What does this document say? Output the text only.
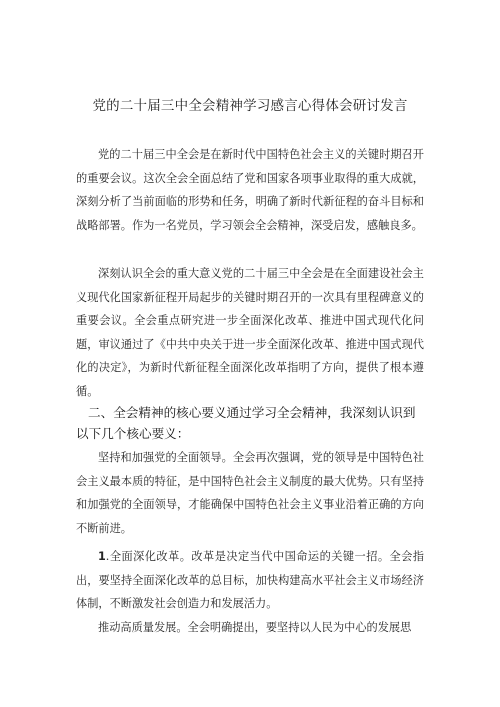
党的二十届三中全会精神学习感言心得体会研讨发言

党的二十届三中全会是在新时代中国特色社会主义的关键时期召开的重要会议。这次全会全面总结了党和国家各项事业取得的重大成就，深刻分析了当前面临的形势和任务，明确了新时代新征程的奋斗目标和战略部署。作为一名党员，学习领会全会精神，深受启发，感触良多。

深刻认识全会的重大意义党的二十届三中全会是在全面建设社会主义现代化国家新征程开局起步的关键时期召开的一次具有里程碑意义的重要会议。全会重点研究进一步全面深化改革、推进中国式现代化问题，审议通过了《中共中央关于进一步全面深化改革、推进中国式现代化的决定》，为新时代新征程全面深化改革指明了方向，提供了根本遵循。

二、全会精神的核心要义通过学习全会精神，我深刻认识到以下几个核心要义：

坚持和加强党的全面领导。全会再次强调，党的领导是中国特色社会主义最本质的特征，是中国特色社会主义制度的最大优势。只有坚持和加强党的全面领导，才能确保中国特色社会主义事业沿着正确的方向不断前进。

1.全面深化改革。改革是决定当代中国命运的关键一招。全会指出，要坚持全面深化改革的总目标，加快构建高水平社会主义市场经济体制，不断激发社会创造力和发展活力。

推动高质量发展。全会明确提出，要坚持以人民为中心的发展思
